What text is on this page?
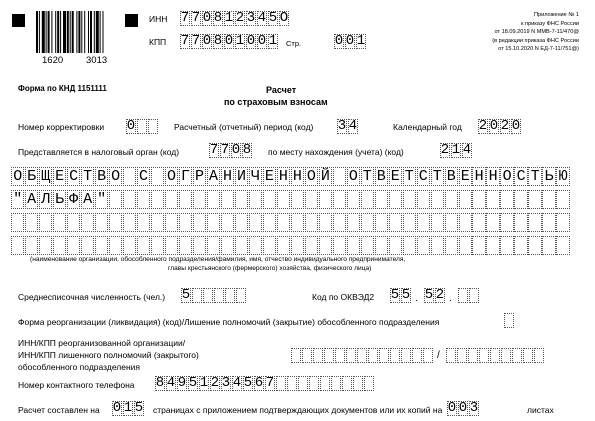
1620 3013
ИНН 7 7 0 8 1 2 3 4 5 О
КПП 7 7 0 8 0 1 0 0 1 Стр. 0 0 1
Приложение № 1
к приказу ФНС России
от 18.09.2019 N ММВ-7-11/470@
(в редакции приказа ФНС России
от 15.10.2020 N ЕД-7-11/751@)
Форма по КНД 1151111	Расчет
по страховым взносам
Номер корректировки 0	Расчетный (отчетный) период (код) 3 4	Календарный год 2 0 2 0
Представляется в налоговый орган (код) 7 7 0 8 по месту нахождения (учета) (код)	2 1 4
О Б Щ Е С Т В О С О Г Р А Н И Ч Е Н Н О Й О Т В Е Т С Т В Е Н Н О С Т Ь Ю
" А Л Ь Ф А "
(наименование организации, обособленного подразделения/фамилия, имя, отчество индивидуального предпринимателя,
главы крестьянского (фермерского) хозяйства, физического лица)
Среднесписочная численность (чел.) 5	Код по ОКВЭД2 5 5 . 5 2 .
Форма реорганизации (ликвидация) (код)/Лишение полномочий (закрытие) обособленного подразделения
ИНН/КПП реорганизованной организации/
ИНН/КПП лишенного полномочий (закрытого)
обособленного подразделения
/
Номер контактного телефона	8 4 9 5 1 2 3 4 5 6 7
Расчет составлен на 0 1 5 страницах с приложением подтверждающих документов или их копий на 0 0 3	листах
